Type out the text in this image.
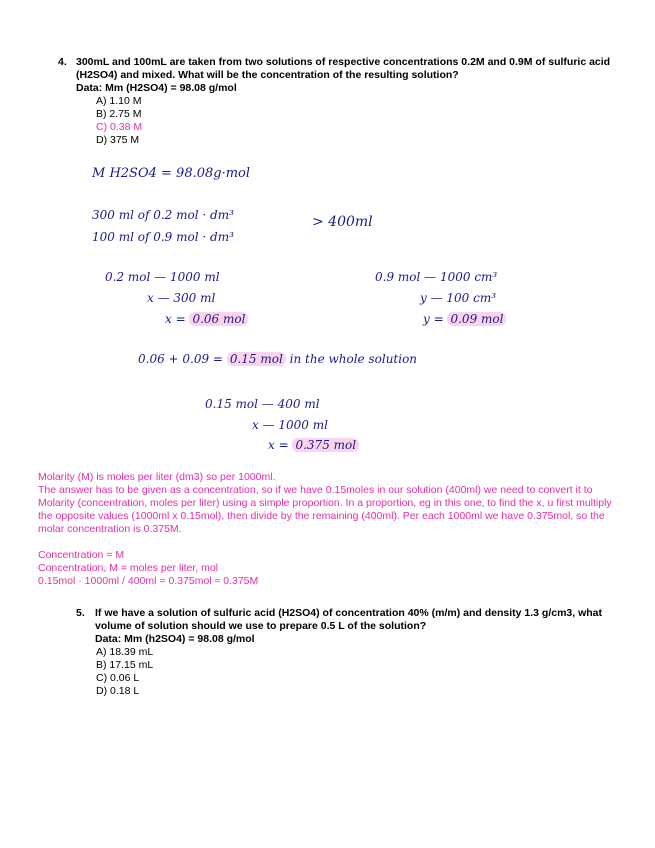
4. 300mL and 100mL are taken from two solutions of respective concentrations 0.2M and 0.9M of sulfuric acid (H2SO4) and mixed. What will be the concentration of the resulting solution?
Data: Mm (H2SO4) = 98.08 g/mol
A) 1.10 M
B) 2.75 M
C) 0.38 M
D) 375 M
M H2SO4 = 98.08g·mol
300 ml of 0.2 mol · dm³
100 ml of 0.9 mol · dm³
> 400ml
0.2 mol — 1000 ml
x — 300 ml
x = 0.06 mol
0.9 mol — 1000 cm³
y — 100 cm³
y = 0.09 mol
0.06 + 0.09 = 0.15 mol in the whole solution
0.15 mol — 400 ml
x — 1000 ml
x = 0.375 mol

Molarity (M) is moles per liter (dm3) so per 1000ml.

The answer has to be given as a concentration, so if we have 0.15moles in our solution (400ml) we need to convert it to Molarity (concentration, moles per liter) using a simple proportion. In a proportion, eg in this one, to find the x, u first multiply the opposite values (1000ml x 0.15mol), then divide by the remaining (400ml). Per each 1000ml we have 0.375mol, so the molar concentration is 0.375M.

Concentration = M

Concentration, M = moles per liter, mol

0.15mol · 1000ml / 400ml = 0.375mol ≈ 0.375M

5. If we have a solution of sulfuric acid (H2SO4) of concentration 40% (m/m) and density 1.3 g/cm3, what volume of solution should we use to prepare 0.5 L of the solution?
Data: Mm (h2SO4) = 98.08 g/mol
A) 18.39 mL
B) 17.15 mL
C) 0.06 L
D) 0.18 L
